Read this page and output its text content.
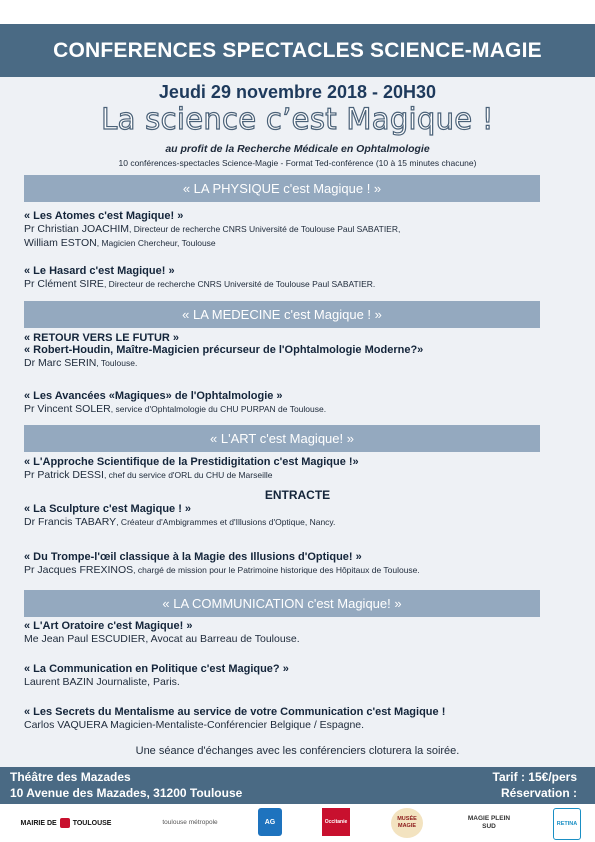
CONFERENCES SPECTACLES SCIENCE-MAGIE
Jeudi 29 novembre 2018 - 20H30
La science c’est Magique !
au profit de la Recherche Médicale en Ophtalmologie
10 conférences-spectacles Science-Magie - Format Ted-conférence (10 à 15 minutes chacune)
« LA PHYSIQUE c'est Magique ! »
« Les Atomes c'est Magique! »
Pr Christian JOACHIM, Directeur de recherche CNRS Université de Toulouse Paul SABATIER,
William ESTON, Magicien Chercheur, Toulouse
« Le Hasard c'est Magique! »
Pr Clément SIRE, Directeur de recherche CNRS Université de Toulouse Paul SABATIER.
« LA MEDECINE c'est Magique ! »
« RETOUR VERS LE FUTUR »
« Robert-Houdin, Maître-Magicien précurseur de l'Ophtalmologie Moderne?»
Dr Marc SERIN, Toulouse.
« Les Avancées «Magiques» de l'Ophtalmologie »
Pr Vincent SOLER, service d'Ophtalmologie du CHU PURPAN de Toulouse.
« L'ART c'est Magique! »
« L'Approche Scientifique de la Prestidigitation c'est Magique !»
Pr Patrick DESSI, chef du service d'ORL du CHU de Marseille
ENTRACTE
« La Sculpture c'est Magique ! »
Dr Francis TABARY, Créateur d'Ambigrammes et d'Illusions d'Optique, Nancy.
« Du Trompe-l'œil classique à la Magie des Illusions d'Optique! »
Pr Jacques FREXINOS, chargé de mission pour le Patrimoine historique des Hôpitaux de Toulouse.
« LA COMMUNICATION c'est Magique! »
« L'Art Oratoire c'est Magique! »
Me Jean Paul ESCUDIER, Avocat au Barreau de Toulouse.
« La Communication en Politique c'est Magique? »
Laurent BAZIN Journaliste, Paris.
« Les Secrets du Mentalisme au service de votre Communication c'est Magique !
Carlos VAQUERA Magicien-Mentaliste-Conférencier Belgique / Espagne.
Une séance d'échanges avec les conférenciers cloturera la soirée.
Théâtre des Mazades
10 Avenue des Mazades, 31200 Toulouse
Tarif : 15€/pers
Réservation :
MAIRIE DE TOULOUSE	toulouse métropole	AG	Occitanie	MUSÉE MAGIE
MAGIE PLEIN SUD	RETINA
